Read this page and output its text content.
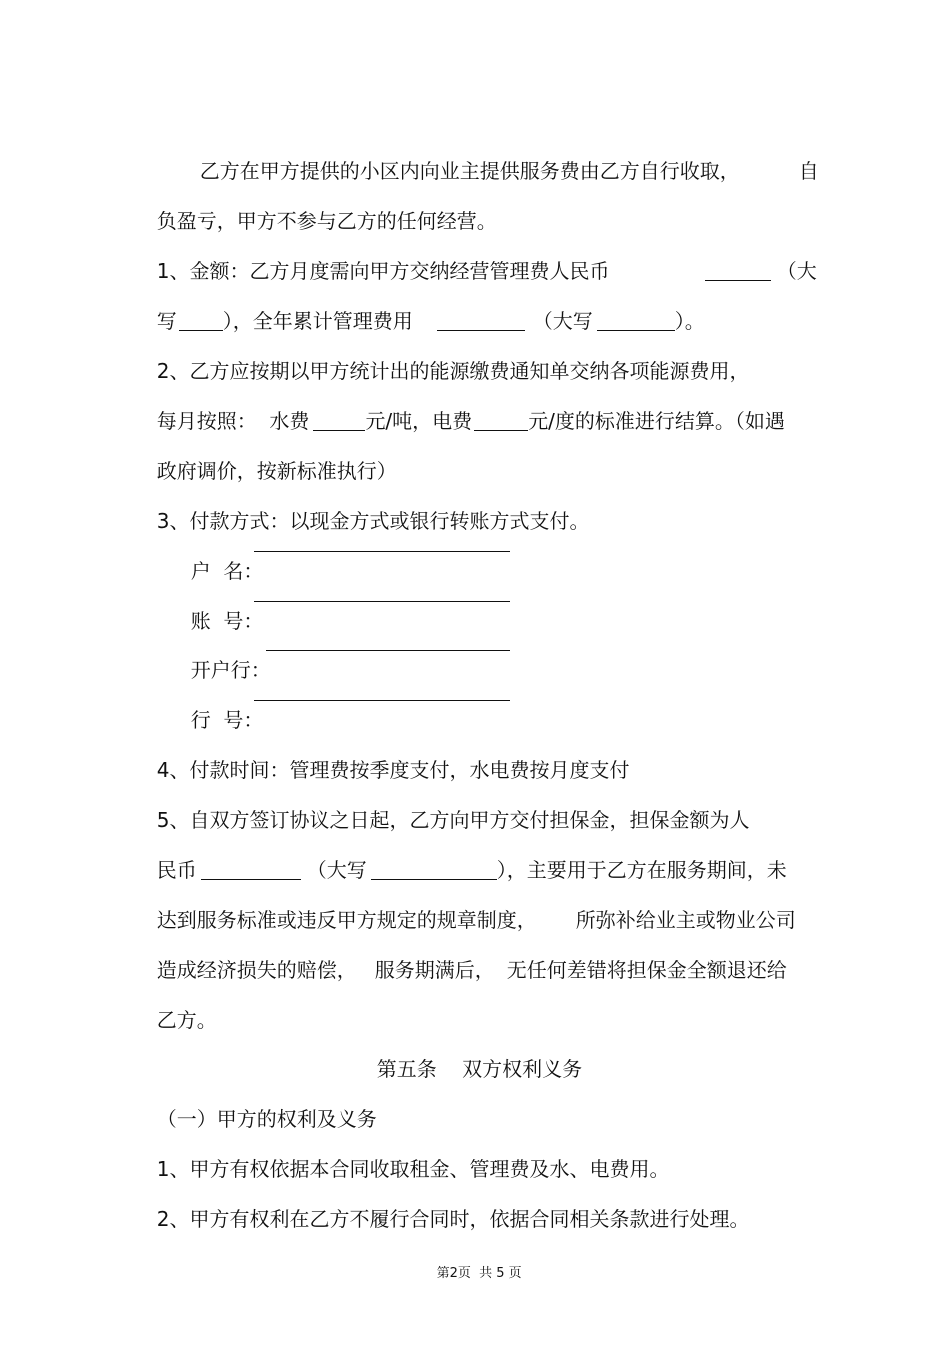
乙方在甲方提供的小区内向业主提供服务费由乙方自行收取，	自

负盈亏，甲方不参与乙方的任何经营。

1、金额：乙方月度需向甲方交纳经营管理费人民币

	（大

写 ），全年累计管理费用	（大写	）。

2、乙方应按期以甲方统计出的能源缴费通知单交纳各项能源费用，

每月按照：  水费	元/吨，电费	元/度的标准进行结算。（如遇

政府调价，按新标准执行）

3、付款方式：以现金方式或银行转账方式支付。

户  名：

账  号：

开户行：

行  号：

4、付款时间：管理费按季度支付，水电费按月度支付

5、自双方签订协议之日起，乙方向甲方交付担保金，担保金额为人

民币	（大写	），主要用于乙方在服务期间，未

达到服务标准或违反甲方规定的规章制度，	所弥补给业主或物业公司

造成经济损失的赔偿， 服务期满后， 无任何差错将担保金全额退还给

乙方。

第五条    双方权利义务

（一）甲方的权利及义务

1、甲方有权依据本合同收取租金、管理费及水、电费用。

2、甲方有权利在乙方不履行合同时，依据合同相关条款进行处理。

第2页  共 5 页
